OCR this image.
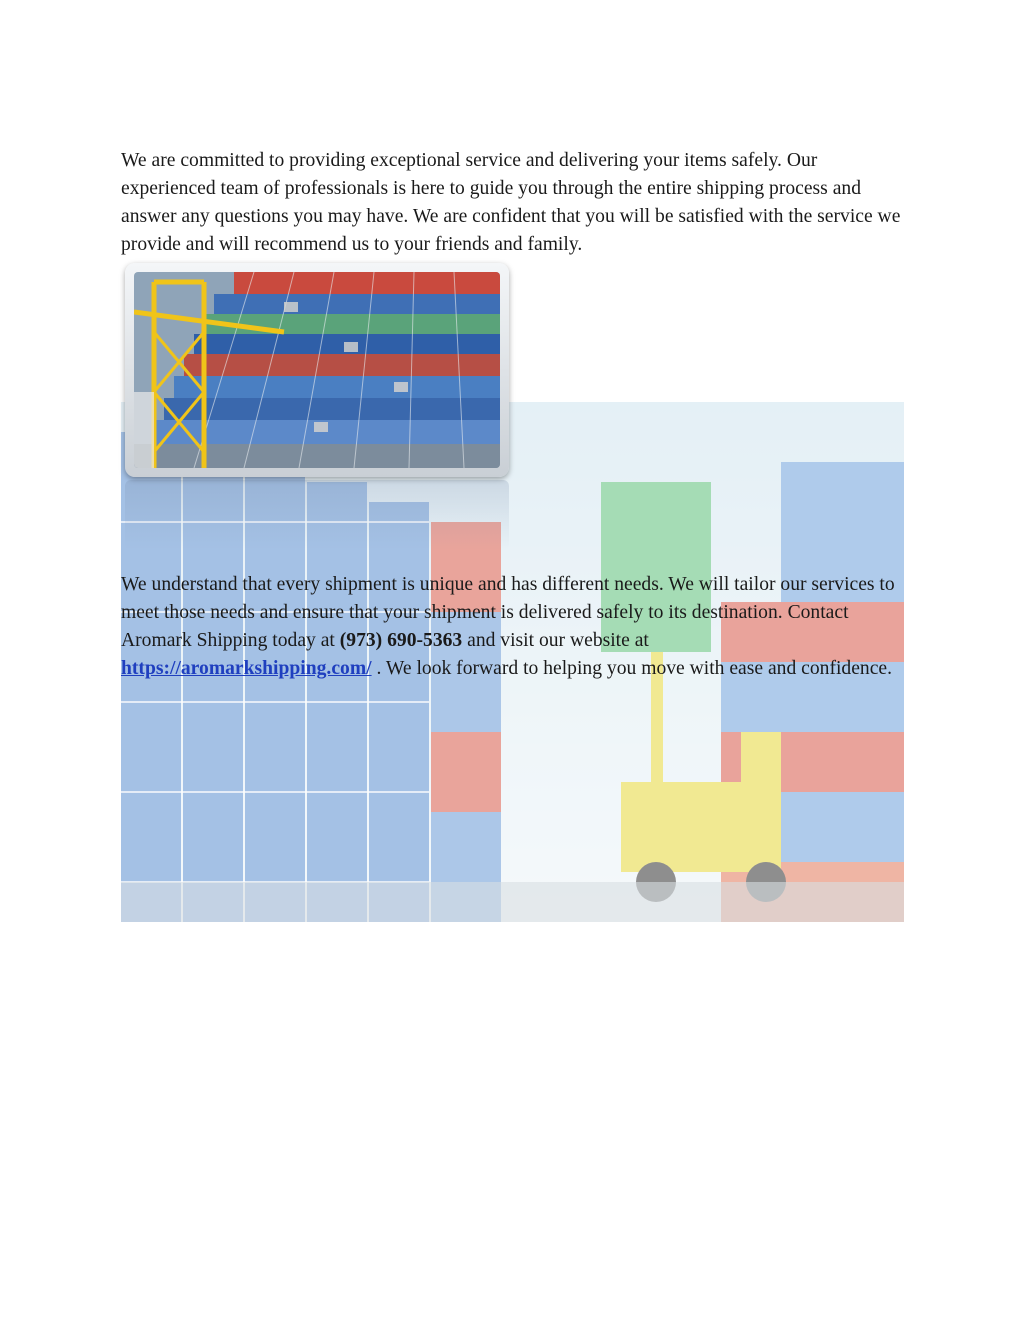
We are committed to providing exceptional service and delivering your items safely. Our experienced team of professionals is here to guide you through the entire shipping process and answer any questions you may have. We are confident that you will be satisfied with the service we provide and will recommend us to your friends and family.

We understand that every shipment is unique and has different needs. We will tailor our services to meet those needs and ensure that your shipment is delivered safely to its destination. Contact Aromark Shipping today at (973) 690-5363 and visit our website at https://aromarkshipping.com/ . We look forward to helping you move with ease and confidence.
